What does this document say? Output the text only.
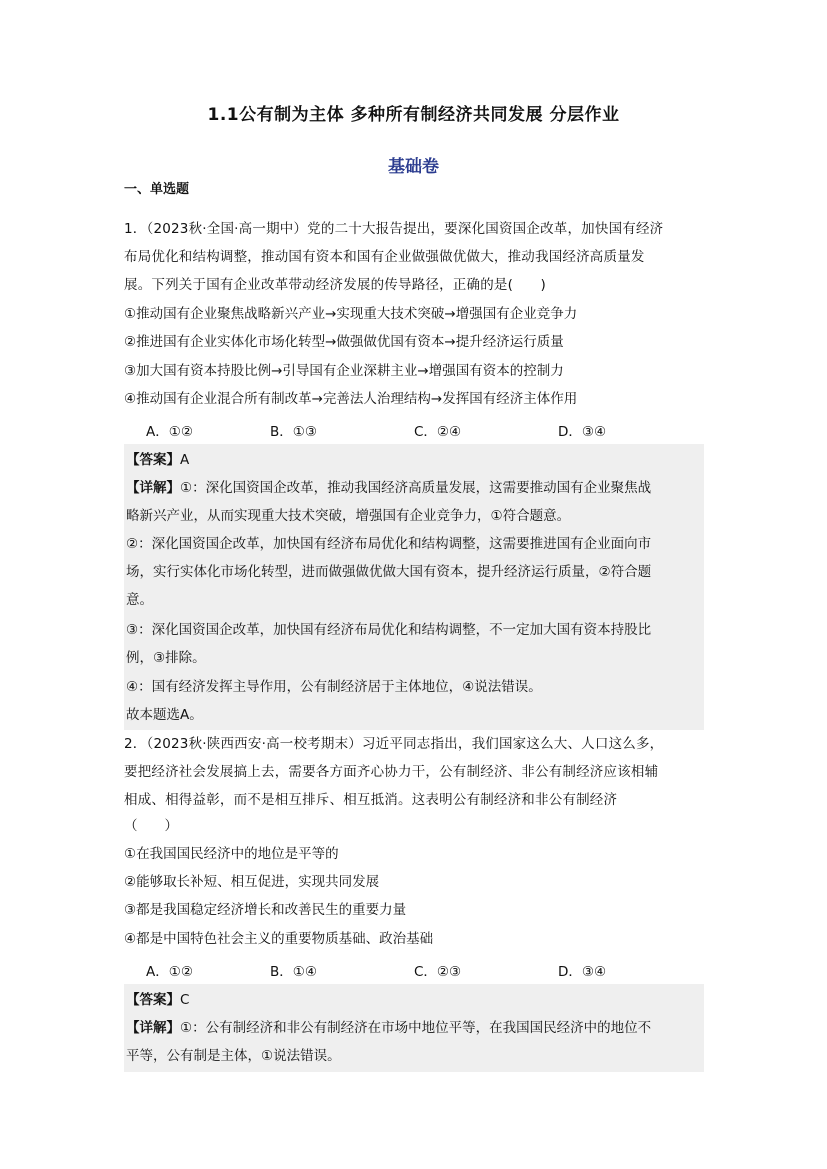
1.1公有制为主体 多种所有制经济共同发展 分层作业
基础卷
一、单选题
1．（2023秋·全国·高一期中）党的二十大报告提出，要深化国资国企改革，加快国有经济
布局优化和结构调整，推动国有资本和国有企业做强做优做大，推动我国经济高质量发
展。下列关于国有企业改革带动经济发展的传导路径，正确的是(　　)
①推动国有企业聚焦战略新兴产业→实现重大技术突破→增强国有企业竞争力
②推进国有企业实体化市场化转型→做强做优国有资本→提升经济运行质量
③加大国有资本持股比例→引导国有企业深耕主业→增强国有资本的控制力
④推动国有企业混合所有制改革→完善法人治理结构→发挥国有经济主体作用
A．①②	B．①③	C．②④	D．③④
【答案】A
【详解】①：深化国资国企改革，推动我国经济高质量发展，这需要推动国有企业聚焦战
略新兴产业，从而实现重大技术突破，增强国有企业竞争力，①符合题意。
②：深化国资国企改革，加快国有经济布局优化和结构调整，这需要推进国有企业面向市
场，实行实体化市场化转型，进而做强做优做大国有资本，提升经济运行质量，②符合题
意。
③：深化国资国企改革，加快国有经济布局优化和结构调整，不一定加大国有资本持股比
例，③排除。
④：国有经济发挥主导作用，公有制经济居于主体地位，④说法错误。
故本题选A。
2．（2023秋·陕西西安·高一校考期末）习近平同志指出，我们国家这么大、人口这么多，
要把经济社会发展搞上去，需要各方面齐心协力干，公有制经济、非公有制经济应该相辅
相成、相得益彰，而不是相互排斥、相互抵消。这表明公有制经济和非公有制经济
（　　）
①在我国国民经济中的地位是平等的
②能够取长补短、相互促进，实现共同发展
③都是我国稳定经济增长和改善民生的重要力量
④都是中国特色社会主义的重要物质基础、政治基础
A．①②	B．①④	C．②③	D．③④
【答案】C
【详解】①：公有制经济和非公有制经济在市场中地位平等，在我国国民经济中的地位不
平等，公有制是主体，①说法错误。
